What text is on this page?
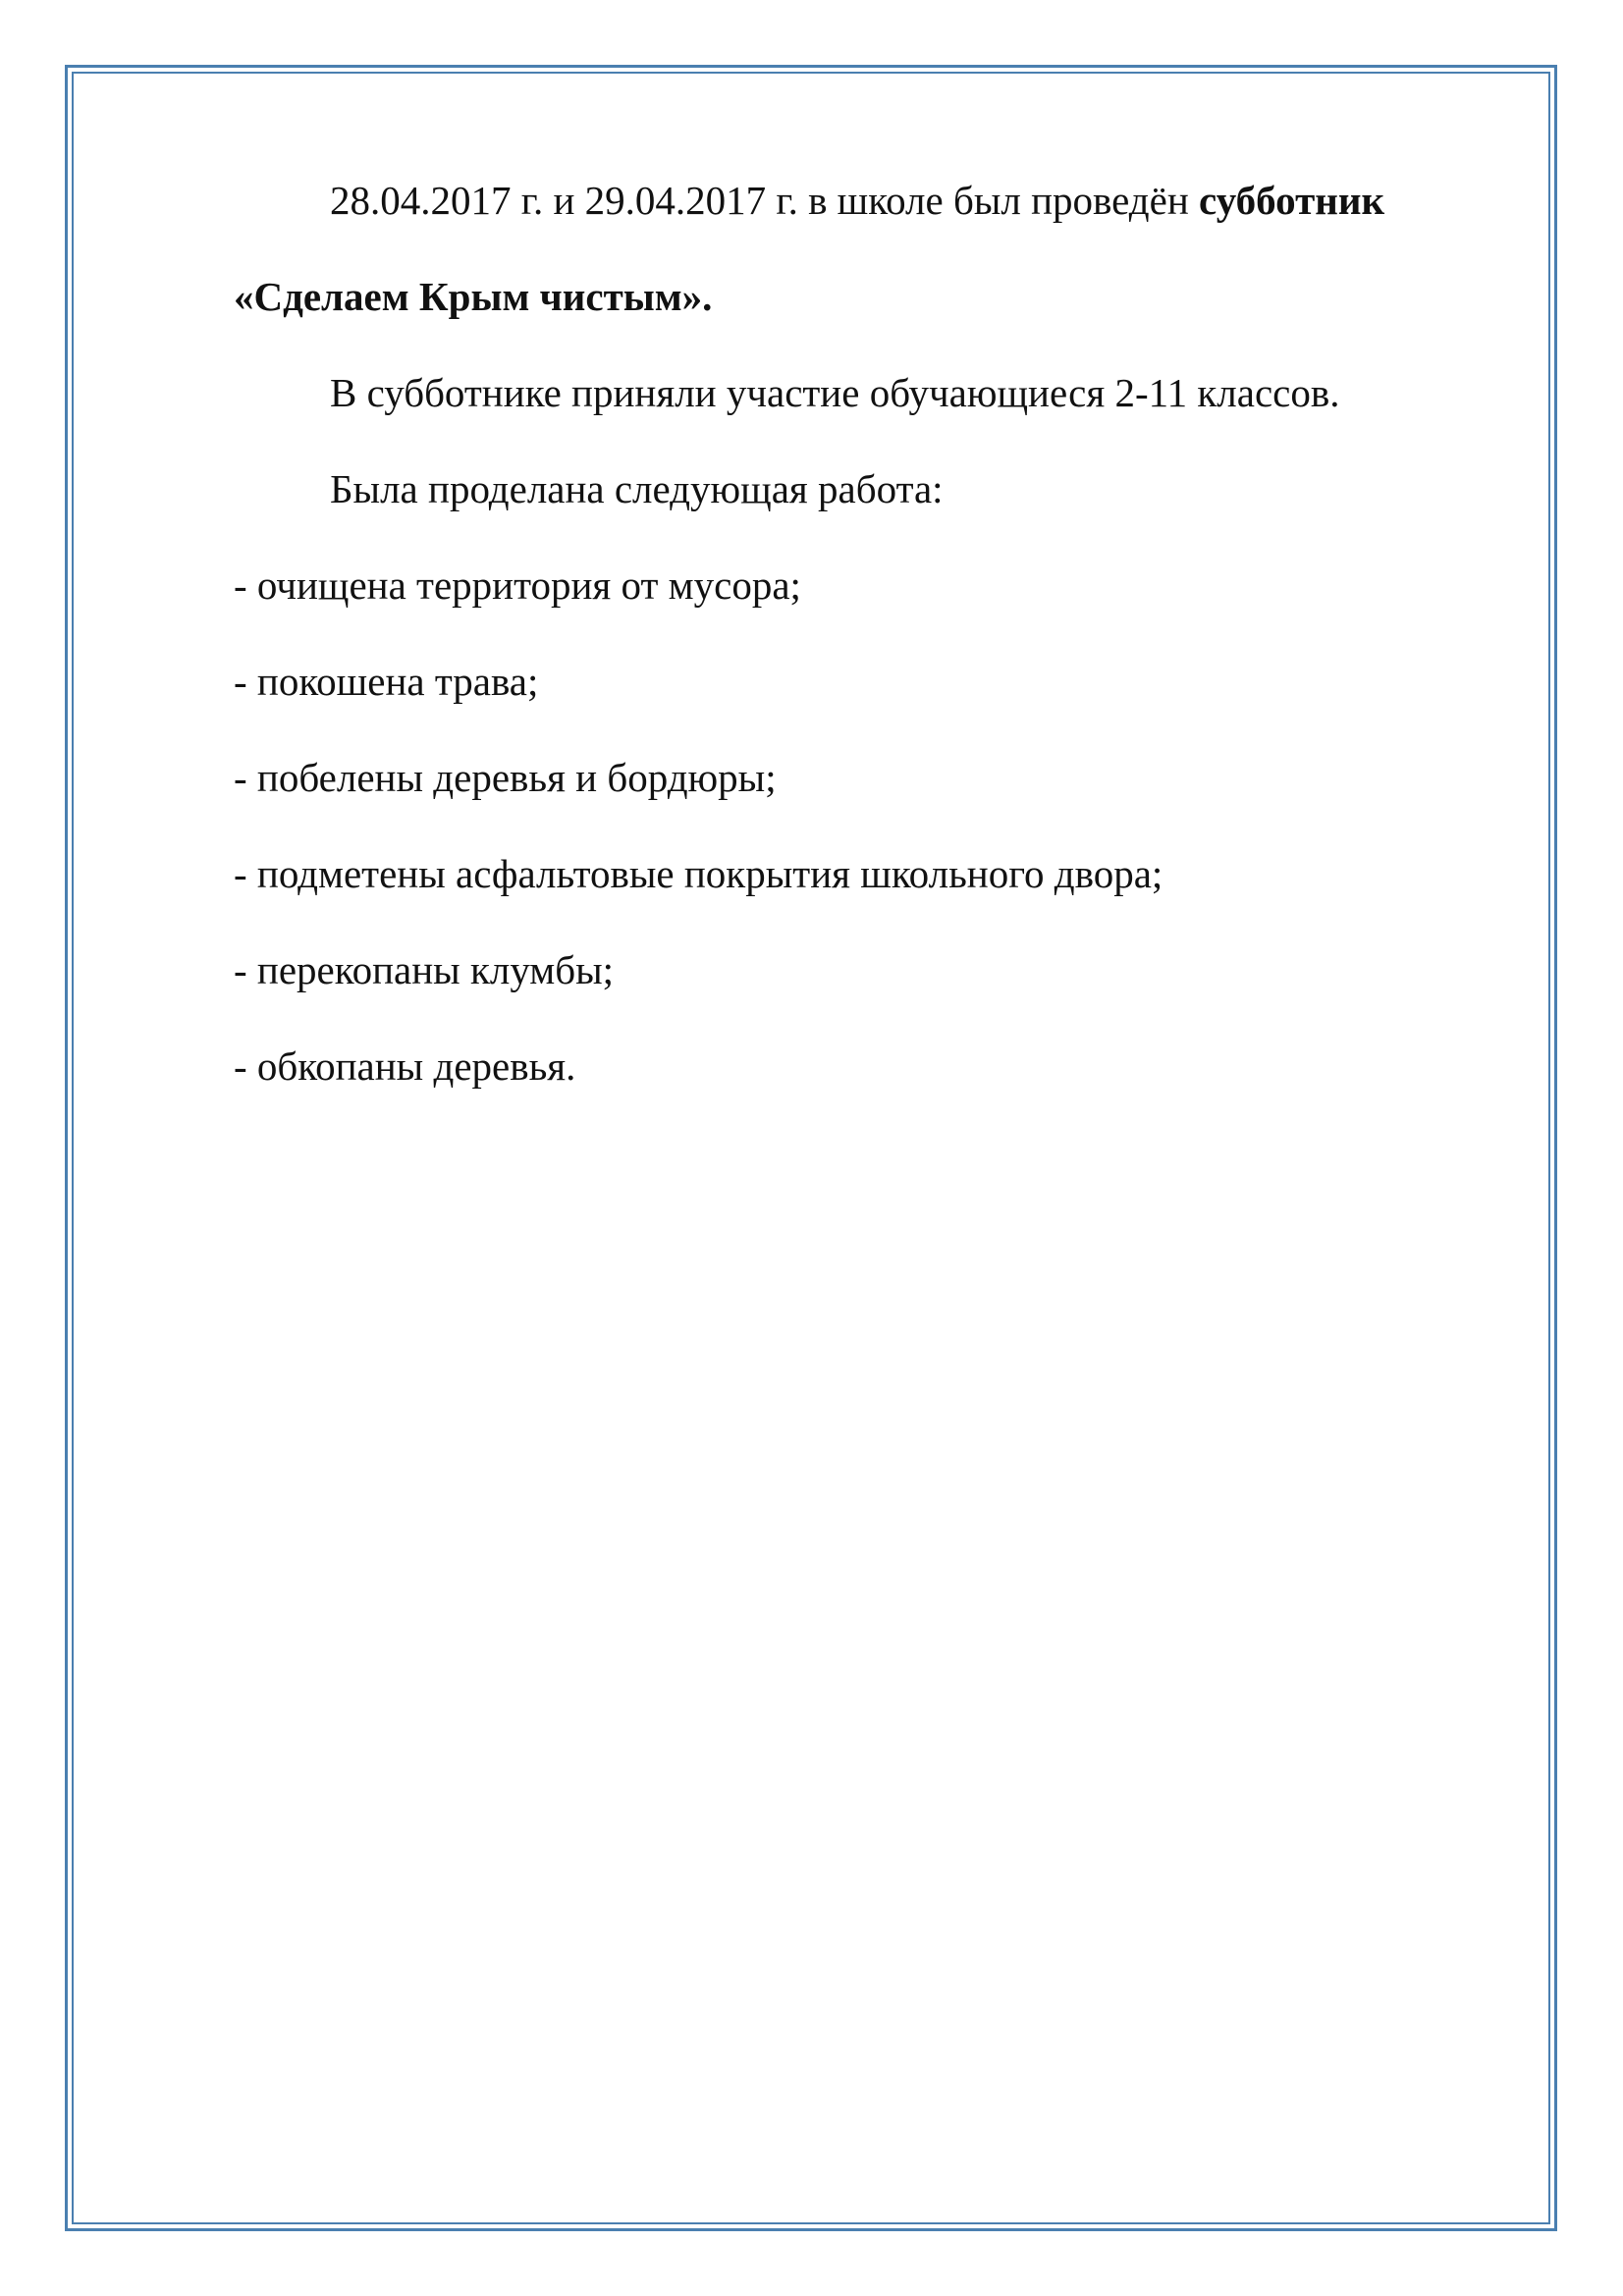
28.04.2017 г. и 29.04.2017 г. в школе был проведён субботник

«Сделаем Крым чистым».

В субботнике приняли участие обучающиеся 2-11 классов.

Была проделана следующая работа:

- очищена территория от мусора;
- покошена трава;
- побелены деревья и бордюры;
- подметены асфальтовые покрытия школьного двора;
- перекопаны клумбы;
- обкопаны деревья.
